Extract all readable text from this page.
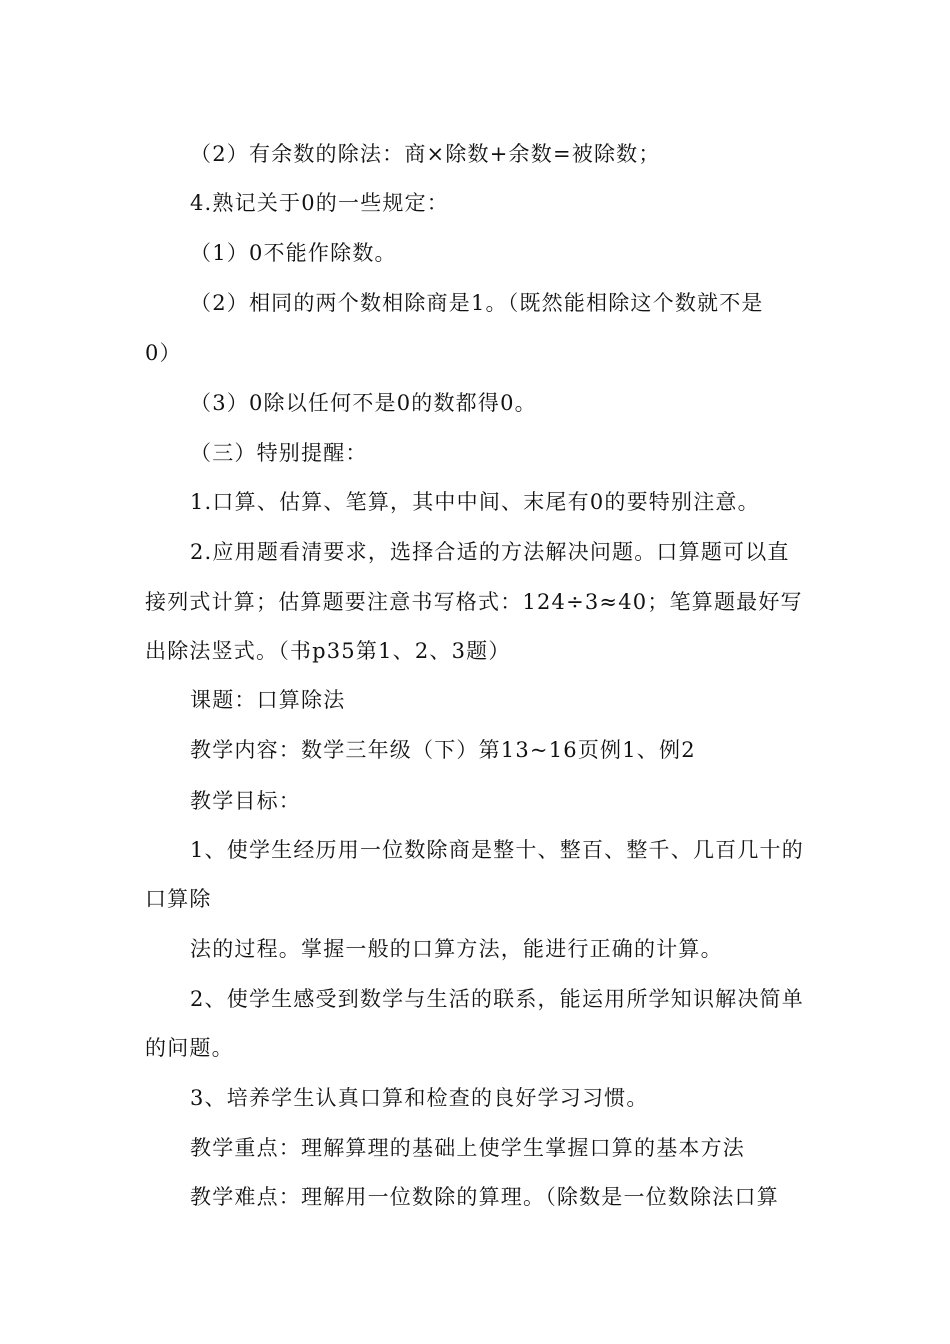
（2）有余数的除法：商×除数+余数=被除数；
4.熟记关于0的一些规定：
（1）0不能作除数。
（2）相同的两个数相除商是1。（既然能相除这个数就不是
0）
（3）0除以任何不是0的数都得0。
（三）特别提醒：
1.口算、估算、笔算，其中中间、末尾有0的要特别注意。
2.应用题看清要求，选择合适的方法解决问题。口算题可以直
接列式计算；估算题要注意书写格式：124÷3≈40；笔算题最好写
出除法竖式。（书p35第1、2、3题）
课题：口算除法
教学内容：数学三年级（下）第13~16页例1、例2
教学目标：
1、使学生经历用一位数除商是整十、整百、整千、几百几十的
口算除
法的过程。掌握一般的口算方法，能进行正确的计算。
2、使学生感受到数学与生活的联系，能运用所学知识解决简单
的问题。
3、培养学生认真口算和检查的良好学习习惯。
教学重点：理解算理的基础上使学生掌握口算的基本方法
教学难点：理解用一位数除的算理。（除数是一位数除法口算
